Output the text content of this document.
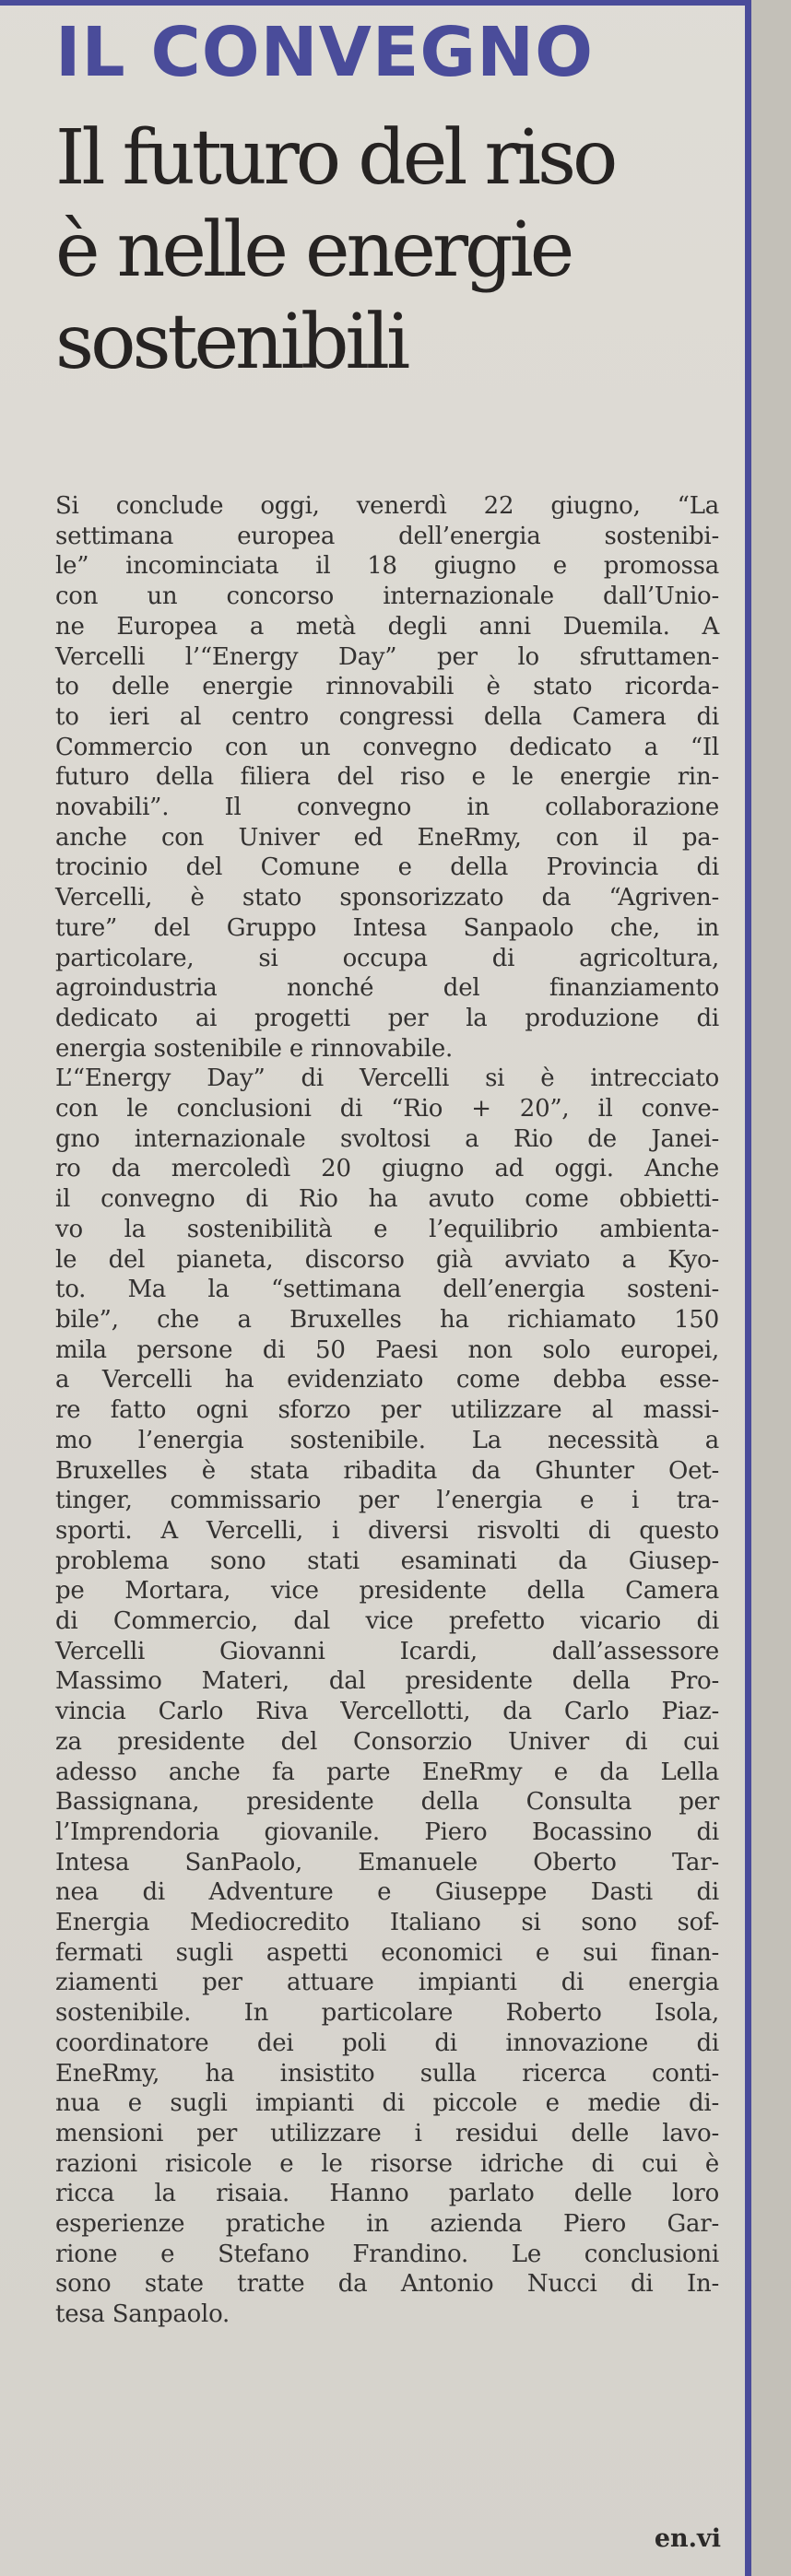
IL CONVEGNO
Il futuro del riso
è nelle energie
sostenibili
Si conclude oggi, venerdì 22 giugno, “La
settimana europea dell’energia sostenibi-
le” incominciata il 18 giugno e promossa
con un concorso internazionale dall’Unio-
ne Europea a metà degli anni Duemila. A
Vercelli l’“Energy Day” per lo sfruttamen-
to delle energie rinnovabili è stato ricorda-
to ieri al centro congressi della Camera di
Commercio con un convegno dedicato a “Il
futuro della filiera del riso e le energie rin-
novabili”. Il convegno in collaborazione
anche con Univer ed EneRmy, con il pa-
trocinio del Comune e della Provincia di
Vercelli, è stato sponsorizzato da “Agriven-
ture” del Gruppo Intesa Sanpaolo che, in
particolare, si occupa di agricoltura,
agroindustria nonché del finanziamento
dedicato ai progetti per la produzione di
energia sostenibile e rinnovabile.
L’“Energy Day” di Vercelli si è intrecciato
con le conclusioni di “Rio + 20”, il conve-
gno internazionale svoltosi a Rio de Janei-
ro da mercoledì 20 giugno ad oggi. Anche
il convegno di Rio ha avuto come obbietti-
vo la sostenibilità e l’equilibrio ambienta-
le del pianeta, discorso già avviato a Kyo-
to. Ma la “settimana dell’energia sosteni-
bile”, che a Bruxelles ha richiamato 150
mila persone di 50 Paesi non solo europei,
a Vercelli ha evidenziato come debba esse-
re fatto ogni sforzo per utilizzare al massi-
mo l’energia sostenibile. La necessità a
Bruxelles è stata ribadita da Ghunter Oet-
tinger, commissario per l’energia e i tra-
sporti. A Vercelli, i diversi risvolti di questo
problema sono stati esaminati da Giusep-
pe Mortara, vice presidente della Camera
di Commercio, dal vice prefetto vicario di
Vercelli Giovanni Icardi, dall’assessore
Massimo Materi, dal presidente della Pro-
vincia Carlo Riva Vercellotti, da Carlo Piaz-
za presidente del Consorzio Univer di cui
adesso anche fa parte EneRmy e da Lella
Bassignana, presidente della Consulta per
l’Imprendoria giovanile. Piero Bocassino di
Intesa SanPaolo, Emanuele Oberto Tar-
nea di Adventure e Giuseppe Dasti di
Energia Mediocredito Italiano si sono sof-
fermati sugli aspetti economici e sui finan-
ziamenti per attuare impianti di energia
sostenibile. In particolare Roberto Isola,
coordinatore dei poli di innovazione di
EneRmy, ha insistito sulla ricerca conti-
nua e sugli impianti di piccole e medie di-
mensioni per utilizzare i residui delle lavo-
razioni risicole e le risorse idriche di cui è
ricca la risaia. Hanno parlato delle loro
esperienze pratiche in azienda Piero Gar-
rione e Stefano Frandino. Le conclusioni
sono state tratte da Antonio Nucci di In-
tesa Sanpaolo.
en.vi
